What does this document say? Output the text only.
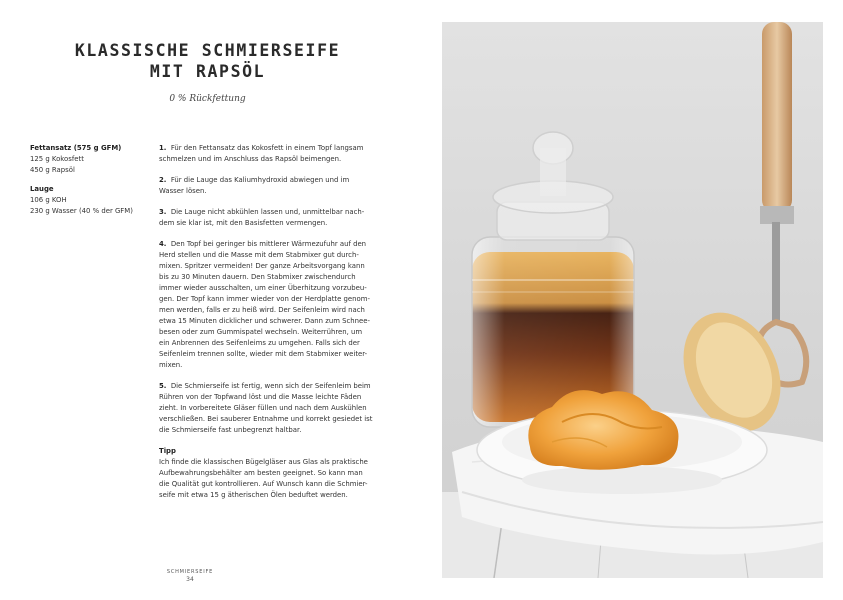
KLASSISCHE SCHMIERSEIFE
MIT RAPSÖL
0 % Rückfettung
Fettansatz (575 g GFM)
125 g Kokosfett
450 g Rapsöl
Lauge
106 g KOH
230 g Wasser (40 % der GFM)
1. Für den Fettansatz das Kokosfett in einem Topf langsam
schmelzen und im Anschluss das Rapsöl beimengen.
2. Für die Lauge das Kaliumhydroxid abwiegen und im
Wasser lösen.
3. Die Lauge nicht abkühlen lassen und, unmittelbar nach-
dem sie klar ist, mit den Basisfetten vermengen.
4. Den Topf bei geringer bis mittlerer Wärmezufuhr auf den
Herd stellen und die Masse mit dem Stabmixer gut durch-
mixen. Spritzer vermeiden! Der ganze Arbeitsvorgang kann
bis zu 30 Minuten dauern. Den Stabmixer zwischendurch
immer wieder ausschalten, um einer Überhitzung vorzubeu-
gen. Der Topf kann immer wieder von der Herdplatte genom-
men werden, falls er zu heiß wird. Der Seifenleim wird nach
etwa 15 Minuten dicklicher und schwerer. Dann zum Schnee-
besen oder zum Gummispatel wechseln. Weiterrühren, um
ein Anbrennen des Seifenleims zu umgehen. Falls sich der
Seifenleim trennen sollte, wieder mit dem Stabmixer weiter-
mixen.
5. Die Schmierseife ist fertig, wenn sich der Seifenleim beim
Rühren von der Topfwand löst und die Masse leichte Fäden
zieht. In vorbereitete Gläser füllen und nach dem Auskühlen
verschließen. Bei sauberer Entnahme und korrekt gesiedet ist
die Schmierseife fast unbegrenzt haltbar.
Tipp
Ich finde die klassischen Bügelgläser aus Glas als praktische
Aufbewahrungsbehälter am besten geeignet. So kann man
die Qualität gut kontrollieren. Auf Wunsch kann die Schmier-
seife mit etwa 15 g ätherischen Ölen beduftet werden.
SCHMIERSEIFE
34
